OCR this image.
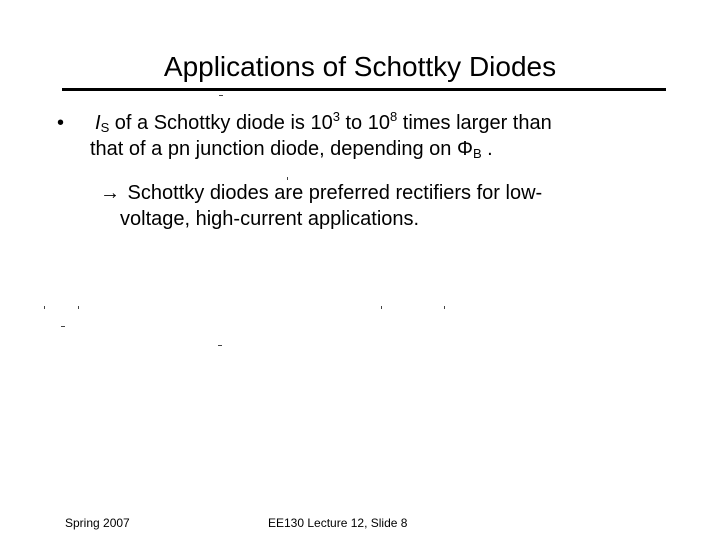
Applications of Schottky Diodes
• $I_S$ of a Schottky diode is $10^3$ to $10^8$ times larger than
that of a pn junction diode, depending on $\Phi_B$ .
→ Schottky diodes are preferred rectifiers for low-
voltage, high-current applications.
Spring 2007	EE130 Lecture 12, Slide 8
